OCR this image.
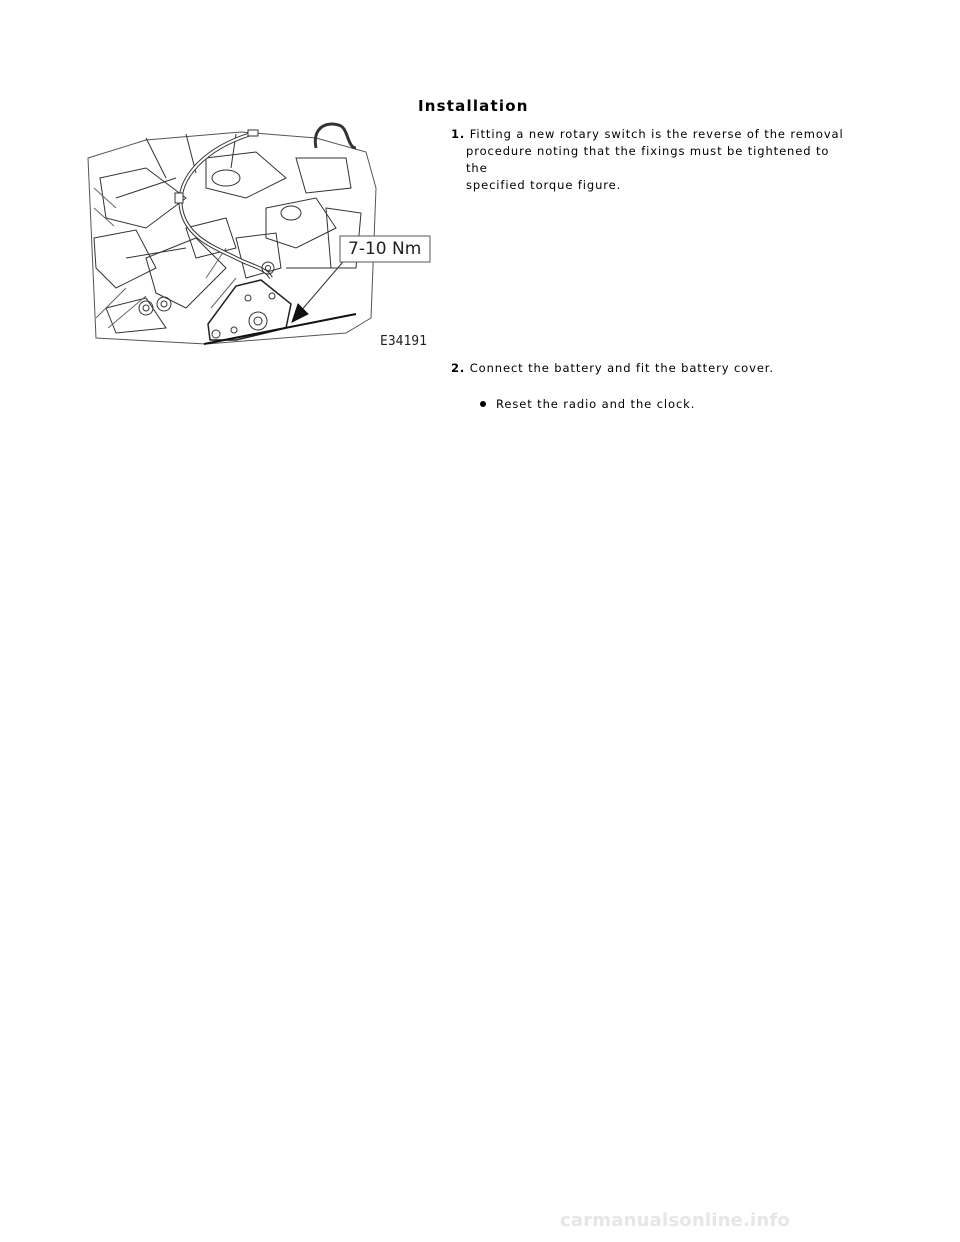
Installation
7-10 Nm
E34191
1. Fitting a new rotary switch is the reverse of the removal
procedure noting that the fixings must be tightened to the
specified torque figure.
2. Connect the battery and fit the battery cover.
Reset the radio and the clock.
carmanualsonline.info
